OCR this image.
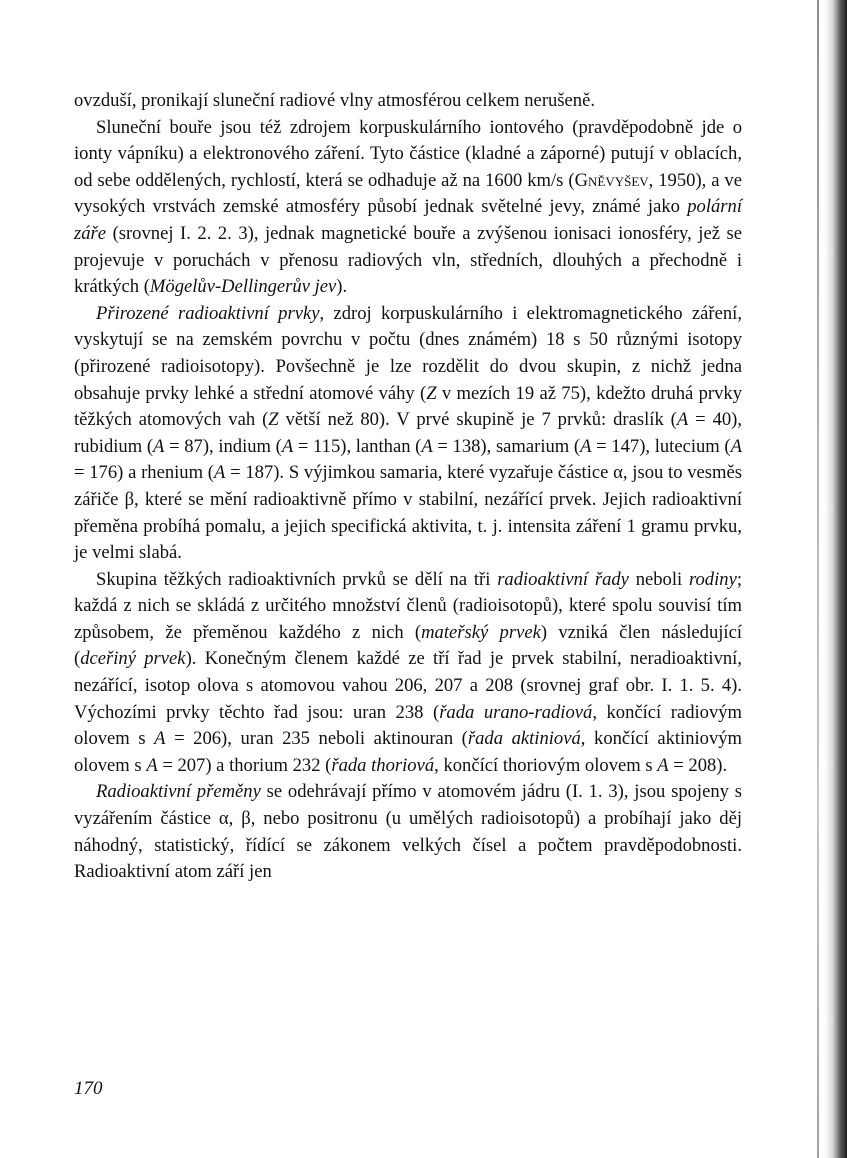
ovzduší, pronikají sluneční radiové vlny atmosférou celkem nerušeně.

Sluneční bouře jsou též zdrojem korpuskulárního iontového (pravděpodobně jde o ionty vápníku) a elektronového záření. Tyto částice (kladné a záporné) putují v oblacích, od sebe oddělených, rychlostí, která se odhaduje až na 1600 km/s (Gněvyšev, 1950), a ve vysokých vrstvách zemské atmosféry působí jednak světelné jevy, známé jako polární záře (srovnej I. 2. 2. 3), jednak magnetické bouře a zvýšenou ionisaci ionosféry, jež se projevuje v poruchách v přenosu radiových vln, středních, dlouhých a přechodně i krátkých (Mögelův-Dellingerův jev).

Přirozené radioaktivní prvky, zdroj korpuskulárního i elektromagnetického záření, vyskytují se na zemském povrchu v počtu (dnes známém) 18 s 50 různými isotopy (přirozené radioisotopy). Povšechně je lze rozdělit do dvou skupin, z nichž jedna obsahuje prvky lehké a střední atomové váhy (Z v mezích 19 až 75), kdežto druhá prvky těžkých atomových vah (Z větší než 80). V prvé skupině je 7 prvků: draslík (A = 40), rubidium (A = 87), indium (A = 115), lanthan (A = 138), samarium (A = 147), lutecium (A = 176) a rhenium (A = 187). S výjimkou samaria, které vyzařuje částice α, jsou to vesměs zářiče β, které se mění radioaktivně přímo v stabilní, nezářící prvek. Jejich radioaktivní přeměna probíhá pomalu, a jejich specifická aktivita, t. j. intensita záření 1 gramu prvku, je velmi slabá.

Skupina těžkých radioaktivních prvků se dělí na tři radioaktivní řady neboli rodiny; každá z nich se skládá z určitého množství členů (radioisotopů), které spolu souvisí tím způsobem, že přeměnou každého z nich (mateřský prvek) vzniká člen následující (dceřiný prvek). Konečným členem každé ze tří řad je prvek stabilní, neradioaktivní, nezářící, isotop olova s atomovou vahou 206, 207 a 208 (srovnej graf obr. I. 1. 5. 4). Výchozími prvky těchto řad jsou: uran 238 (řada urano-radiová, končící radiovým olovem s A = 206), uran 235 neboli aktinouran (řada aktiniová, končící aktiniovým olovem s A = 207) a thorium 232 (řada thoriová, končící thoriovým olovem s A = 208).

Radioaktivní přeměny se odehrávají přímo v atomovém jádru (I. 1. 3), jsou spojeny s vyzářením částice α, β, nebo positronu (u umělých radioisotopů) a probíhají jako děj náhodný, statistický, řídící se zákonem velkých čísel a počtem pravděpodobnosti. Radioaktivní atom září jen

170
